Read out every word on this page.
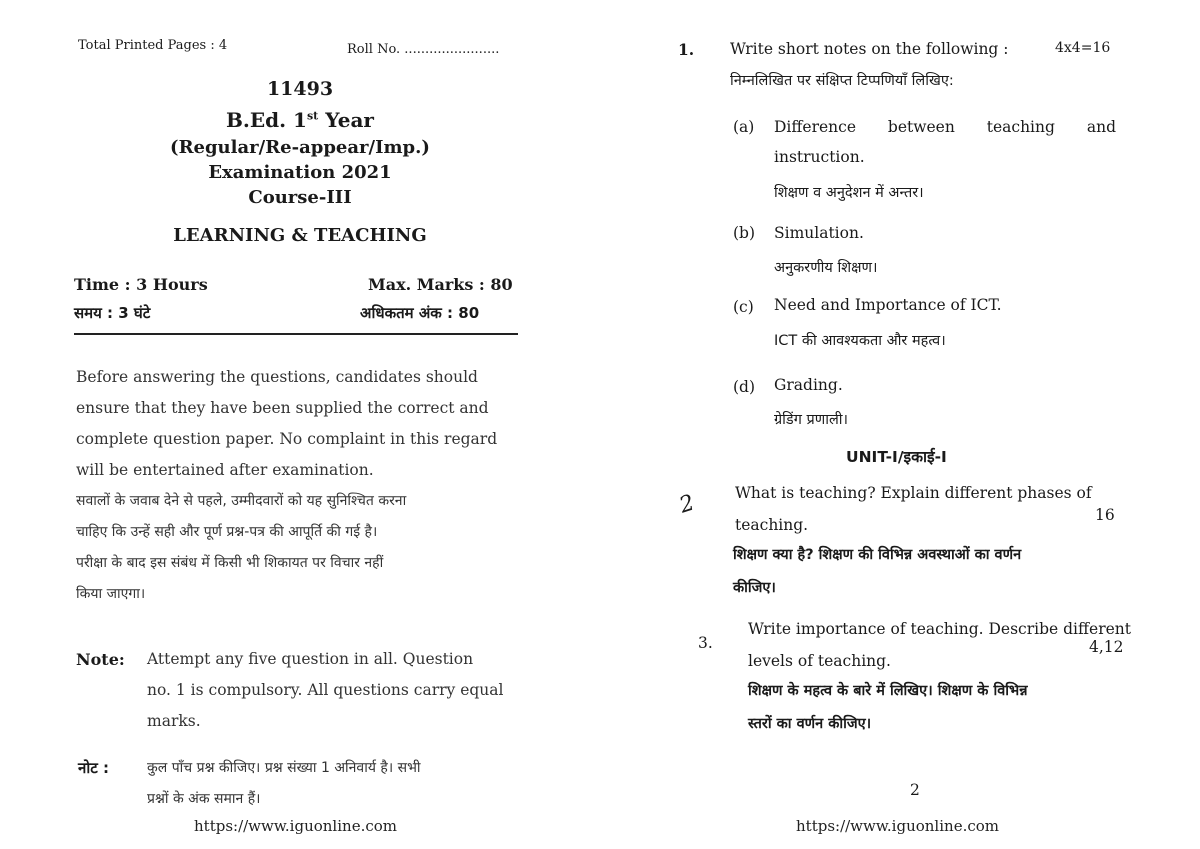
Total Printed Pages : 4	Roll No. .......................
11493
B.Ed. 1st Year
(Regular/Re-appear/Imp.)
Examination 2021
Course-III
LEARNING & TEACHING
Time : 3 Hours	Max. Marks : 80
समय : 3 घंटे	अधिकतम अंक : 80
Before answering the questions, candidates should
ensure that they have been supplied the correct and
complete question paper. No complaint in this regard
will be entertained after examination.
सवालों के जवाब देने से पहले, उम्मीदवारों को यह सुनिश्चित करना
चाहिए कि उन्हें सही और पूर्ण प्रश्न-पत्र की आपूर्ति की गई है।
परीक्षा के बाद इस संबंध में किसी भी शिकायत पर विचार नहीं
किया जाएगा।
Note: Attempt any five question in all. Question
no. 1 is compulsory. All questions carry equal
marks.
नोट :	कुल पाँच प्रश्न कीजिए। प्रश्न संख्या 1 अनिवार्य है। सभी
प्रश्नों के अंक समान हैं।
https://www.iguonline.com
1. Write short notes on the following :	4x4=16
निम्नलिखित पर संक्षिप्त टिप्पणियाँ लिखिए:
(a) Difference between teaching and
instruction.
शिक्षण व अनुदेशन में अन्तर।
(b) Simulation.
अनुकरणीय शिक्षण।
(c) Need and Importance of ICT.
ICT की आवश्यकता और महत्व।
(d) Grading.
ग्रेडिंग प्रणाली।
UNIT-I/इकाई-I
2 What is teaching? Explain different phases of
teaching.
16
शिक्षण क्या है? शिक्षण की विभिन्न अवस्थाओं का वर्णन
कीजिए।
3.
Write importance of teaching. Describe different
levels of teaching.
4,12
शिक्षण के महत्व के बारे में लिखिए। शिक्षण के विभिन्न
स्तरों का वर्णन कीजिए।
2
https://www.iguonline.com
